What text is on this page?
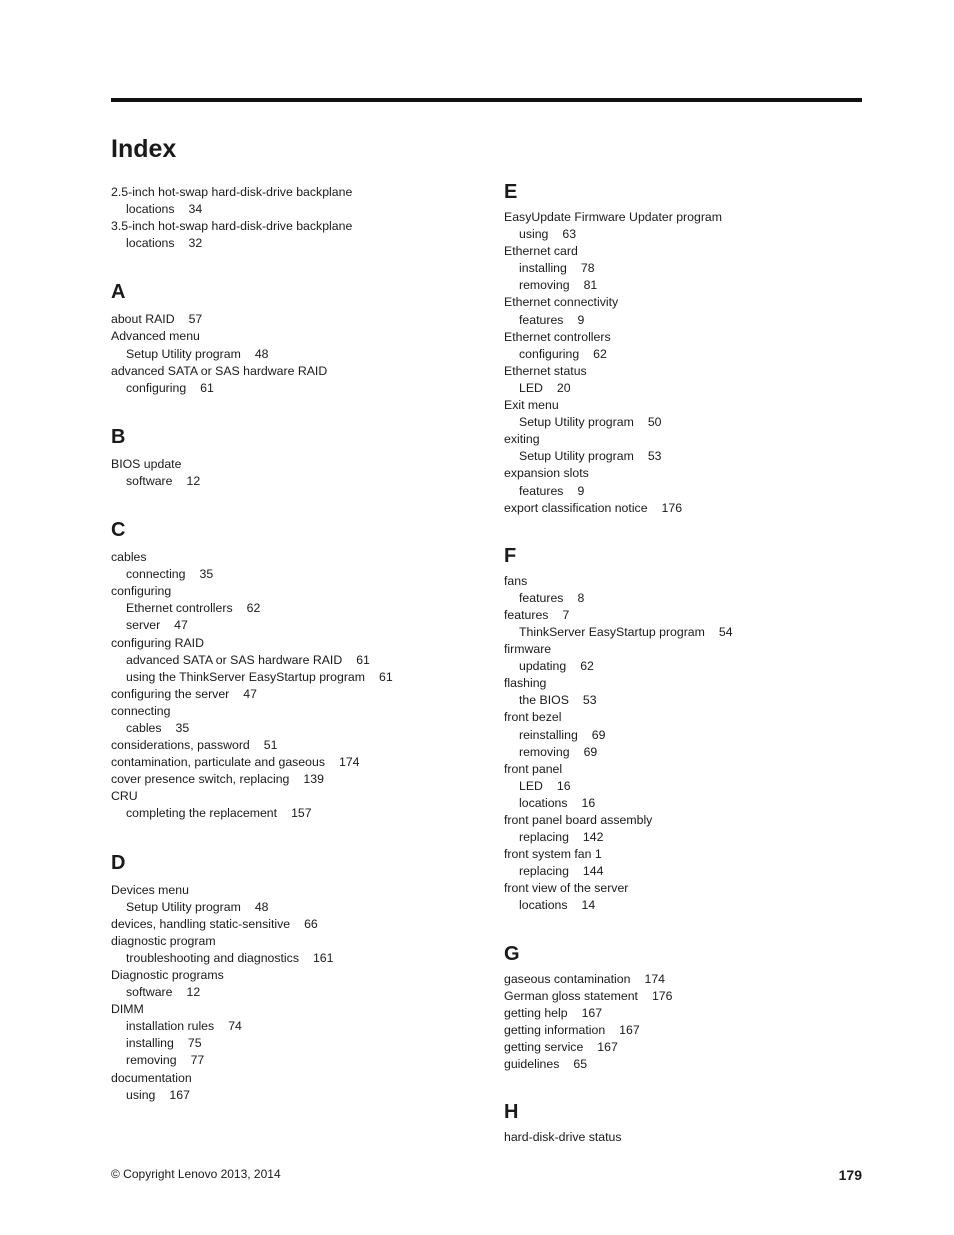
Index
2.5-inch hot-swap hard-disk-drive backplane
locations 34
3.5-inch hot-swap hard-disk-drive backplane
locations 32
A
about RAID 57
Advanced menu
Setup Utility program 48
advanced SATA or SAS hardware RAID
configuring 61
B
BIOS update
software 12
C
cables
connecting 35
configuring
Ethernet controllers 62
server 47
configuring RAID
advanced SATA or SAS hardware RAID 61
using the ThinkServer EasyStartup program 61
configuring the server 47
connecting
cables 35
considerations, password 51
contamination, particulate and gaseous 174
cover presence switch, replacing 139
CRU
completing the replacement 157
D
Devices menu
Setup Utility program 48
devices, handling static-sensitive 66
diagnostic program
troubleshooting and diagnostics 161
Diagnostic programs
software 12
DIMM
installation rules 74
installing 75
removing 77
documentation
using 167
E
EasyUpdate Firmware Updater program
using 63
Ethernet card
installing 78
removing 81
Ethernet connectivity
features 9
Ethernet controllers
configuring 62
Ethernet status
LED 20
Exit menu
Setup Utility program 50
exiting
Setup Utility program 53
expansion slots
features 9
export classification notice 176
F
fans
features 8
features 7
ThinkServer EasyStartup program 54
firmware
updating 62
flashing
the BIOS 53
front bezel
reinstalling 69
removing 69
front panel
LED 16
locations 16
front panel board assembly
replacing 142
front system fan 1
replacing 144
front view of the server
locations 14
G
gaseous contamination 174
German gloss statement 176
getting help 167
getting information 167
getting service 167
guidelines 65
H
hard-disk-drive status
© Copyright Lenovo 2013, 2014	179
